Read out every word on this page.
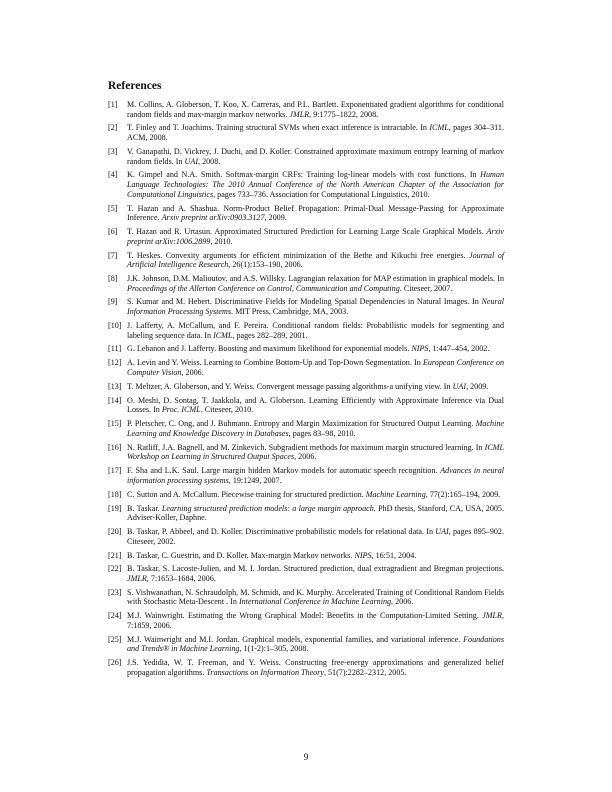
References
[1] M. Collins, A. Globerson, T. Koo, X. Carreras, and P.L. Bartlett. Exponentiated gradient algorithms for conditional random fields and max-margin markov networks. JMLR, 9:1775–1822, 2008.
[2] T. Finley and T. Joachims. Training structural SVMs when exact inference is intractable. In ICML, pages 304–311. ACM, 2008.
[3] V. Ganapathi, D. Vickrey, J. Duchi, and D. Koller. Constrained approximate maximum entropy learning of markov random fields. In UAI, 2008.
[4] K. Gimpel and N.A. Smith. Softmax-margin CRFs: Training log-linear models with cost functions. In Human Language Technologies: The 2010 Annual Conference of the North American Chapter of the Association for Computational Linguistics, pages 733–736. Association for Computational Linguistics, 2010.
[5] T. Hazan and A. Shashua. Norm-Product Belief Propagation: Primal-Dual Message-Passing for Approximate Inference. Arxiv preprint arXiv:0903.3127, 2009.
[6] T. Hazan and R. Urtasun. Approximated Structured Prediction for Learning Large Scale Graphical Models. Arxiv preprint arXiv:1006.2899, 2010.
[7] T. Heskes. Convexity arguments for efficient minimization of the Bethe and Kikuchi free energies. Journal of Artificial Intelligence Research, 26(1):153–190, 2006.
[8] J.K. Johnson, D.M. Malioutov, and A.S. Willsky. Lagrangian relaxation for MAP estimation in graphical models. In Proceedings of the Allerton Conference on Control, Communication and Computing. Citeseer, 2007.
[9] S. Kumar and M. Hebert. Discriminative Fields for Modeling Spatial Dependencies in Natural Images. In Neural Information Processing Systems. MIT Press, Cambridge, MA, 2003.
[10] J. Lafferty, A. McCallum, and F. Pereira. Conditional random fields: Probabilistic models for segmenting and labeling sequence data. In ICML, pages 282–289, 2001.
[11] G. Lebanon and J. Lafferty. Boosting and maximum likelihood for exponential models. NIPS, 1:447–454, 2002.
[12] A. Levin and Y. Weiss. Learning to Combine Bottom-Up and Top-Down Segmentation. In European Conference on Computer Vision, 2006.
[13] T. Meltzer, A. Globerson, and Y. Weiss. Convergent message passing algorithms-a unifying view. In UAI, 2009.
[14] O. Meshi, D. Sontag, T. Jaakkola, and A. Globerson. Learning Efficiently with Approximate Inference via Dual Losses. In Proc. ICML. Citeseer, 2010.
[15] P. Pletscher, C. Ong, and J. Buhmann. Entropy and Margin Maximization for Structured Output Learning. Machine Learning and Knowledge Discovery in Databases, pages 83–98, 2010.
[16] N. Ratliff, J.A. Bagnell, and M. Zinkevich. Subgradient methods for maximum margin structured learning. In ICML Workshop on Learning in Structured Output Spaces, 2006.
[17] F. Sha and L.K. Saul. Large margin hidden Markov models for automatic speech recognition. Advances in neural information processing systems, 19:1249, 2007.
[18] C. Sutton and A. McCallum. Piecewise training for structured prediction. Machine Learning, 77(2):165–194, 2009.
[19] B. Taskar. Learning structured prediction models: a large margin approach. PhD thesis, Stanford, CA, USA, 2005. Adviser-Koller, Daphne.
[20] B. Taskar, P. Abbeel, and D. Koller. Discriminative probabilistic models for relational data. In UAI, pages 895–902. Citeseer, 2002.
[21] B. Taskar, C. Guestrin, and D. Koller. Max-margin Markov networks. NIPS, 16:51, 2004.
[22] B. Taskar, S. Lacoste-Julien, and M. I. Jordan. Structured prediction, dual extragradient and Bregman projections. JMLR, 7:1653–1684, 2006.
[23] S. Vishwanathan, N. Schraudolph, M. Schmidt, and K. Murphy. Accelerated Training of Conditional Random Fields with Stochastic Meta-Descent . In International Conference in Machine Learning, 2006.
[24] M.J. Wainwright. Estimating the Wrong Graphical Model: Benefits in the Computation-Limited Setting. JMLR, 7:1859, 2006.
[25] M.J. Wainwright and M.I. Jordan. Graphical models, exponential families, and variational inference. Foundations and Trends® in Machine Learning, 1(1-2):1–305, 2008.
[26] J.S. Yedidia, W. T. Freeman, and Y. Weiss. Constructing free-energy approximations and generalized belief propagation algorithms. Transactions on Information Theory, 51(7):2282–2312, 2005.
9
